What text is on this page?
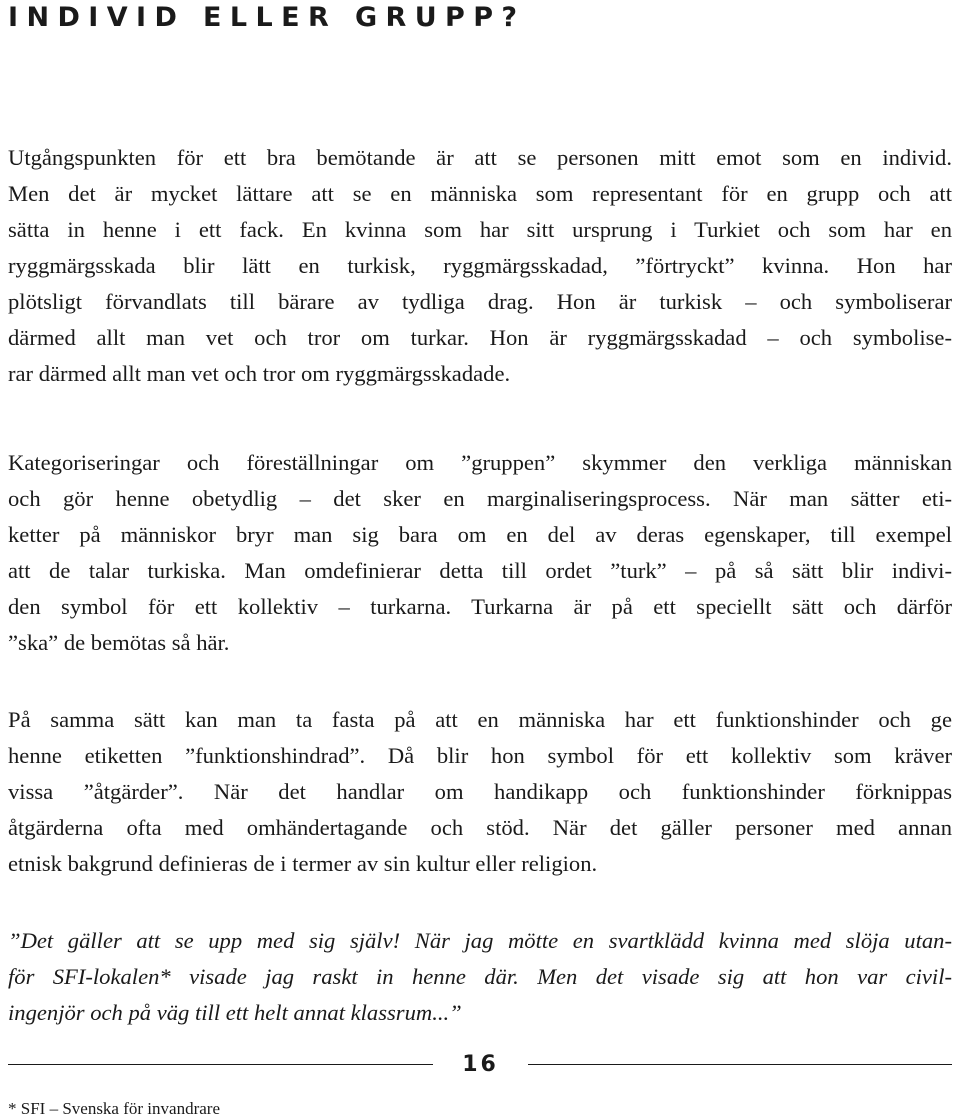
INDIVID ELLER GRUPP?
Utgångspunkten för ett bra bemötande är att se personen mitt emot som en individ.
Men det är mycket lättare att se en människa som representant för en grupp och att
sätta in henne i ett fack. En kvinna som har sitt ursprung i Turkiet och som har en
ryggmärgsskada blir lätt en turkisk, ryggmärgsskadad, ”förtryckt” kvinna. Hon har
plötsligt förvandlats till bärare av tydliga drag. Hon är turkisk – och symboliserar
därmed allt man vet och tror om turkar. Hon är ryggmärgsskadad – och symbolise-
rar därmed allt man vet och tror om ryggmärgsskadade.
Kategoriseringar och föreställningar om ”gruppen” skymmer den verkliga människan
och gör henne obetydlig – det sker en marginaliseringsprocess. När man sätter eti-
ketter på människor bryr man sig bara om en del av deras egenskaper, till exempel
att de talar turkiska. Man omdefinierar detta till ordet ”turk” – på så sätt blir indivi-
den symbol för ett kollektiv – turkarna. Turkarna är på ett speciellt sätt och därför
”ska” de bemötas så här.
På samma sätt kan man ta fasta på att en människa har ett funktionshinder och ge
henne etiketten ”funktionshindrad”. Då blir hon symbol för ett kollektiv som kräver
vissa ”åtgärder”. När det handlar om handikapp och funktionshinder förknippas
åtgärderna ofta med omhändertagande och stöd. När det gäller personer med annan
etnisk bakgrund definieras de i termer av sin kultur eller religion.
”Det gäller att se upp med sig själv! När jag mötte en svartklädd kvinna med slöja utan-
för SFI-lokalen* visade jag raskt in henne där. Men det visade sig att hon var civil-
ingenjör och på väg till ett helt annat klassrum...”
16
* SFI – Svenska för invandrare
